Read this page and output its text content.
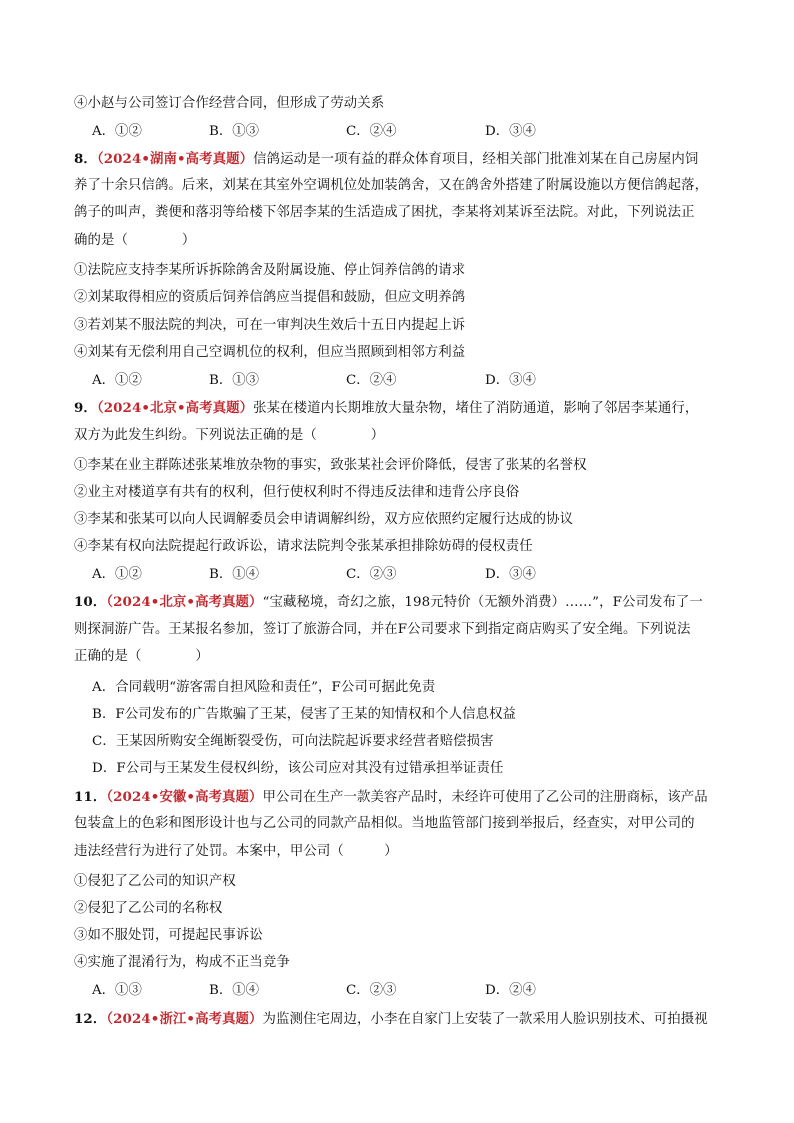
④小赵与公司签订合作经营合同，但形成了劳动关系
A．①②	B．①③	C．②④	D．③④
8．（2024•湖南•高考真题）信鸽运动是一项有益的群众体育项目，经相关部门批准刘某在自己房屋内饲
养了十余只信鸽。后来，刘某在其室外空调机位处加装鸽舍，又在鸽舍外搭建了附属设施以方便信鸽起落，
鸽子的叫声，粪便和落羽等给楼下邻居李某的生活造成了困扰，李某将刘某诉至法院。对此，下列说法正
确的是（　　　　）
①法院应支持李某所诉拆除鸽舍及附属设施、停止饲养信鸽的请求
②刘某取得相应的资质后饲养信鸽应当提倡和鼓励，但应文明养鸽
③若刘某不服法院的判决，可在一审判决生效后十五日内提起上诉
④刘某有无偿利用自己空调机位的权利，但应当照顾到相邻方利益
A．①②	B．①③	C．②④	D．③④
9．（2024•北京•高考真题）张某在楼道内长期堆放大量杂物，堵住了消防通道，影响了邻居李某通行，
双方为此发生纠纷。下列说法正确的是（　　　　）
①李某在业主群陈述张某堆放杂物的事实，致张某社会评价降低，侵害了张某的名誉权
②业主对楼道享有共有的权利，但行使权利时不得违反法律和违背公序良俗
③李某和张某可以向人民调解委员会申请调解纠纷，双方应依照约定履行达成的协议
④李某有权向法院提起行政诉讼，请求法院判令张某承担排除妨碍的侵权责任
A．①②	B．①④	C．②③	D．③④
10．（2024•北京•高考真题）“宝藏秘境，奇幻之旅，198元特价（无额外消费）……”，F公司发布了一
则探洞游广告。王某报名参加，签订了旅游合同，并在F公司要求下到指定商店购买了安全绳。下列说法
正确的是（　　　　）
A．合同载明“游客需自担风险和责任”，F公司可据此免责
B．F公司发布的广告欺骗了王某，侵害了王某的知情权和个人信息权益
C．王某因所购安全绳断裂受伤，可向法院起诉要求经营者赔偿损害
D．F公司与王某发生侵权纠纷，该公司应对其没有过错承担举证责任
11．（2024•安徽•高考真题）甲公司在生产一款美容产品时，未经许可使用了乙公司的注册商标，该产品
包装盒上的色彩和图形设计也与乙公司的同款产品相似。当地监管部门接到举报后，经查实，对甲公司的
违法经营行为进行了处罚。本案中，甲公司（　　　）
①侵犯了乙公司的知识产权
②侵犯了乙公司的名称权
③如不服处罚，可提起民事诉讼
④实施了混淆行为，构成不正当竞争
A．①③	B．①④	C．②③	D．②④
12．（2024•浙江•高考真题）为监测住宅周边，小李在自家门上安装了一款采用人脸识别技术、可拍摄视
